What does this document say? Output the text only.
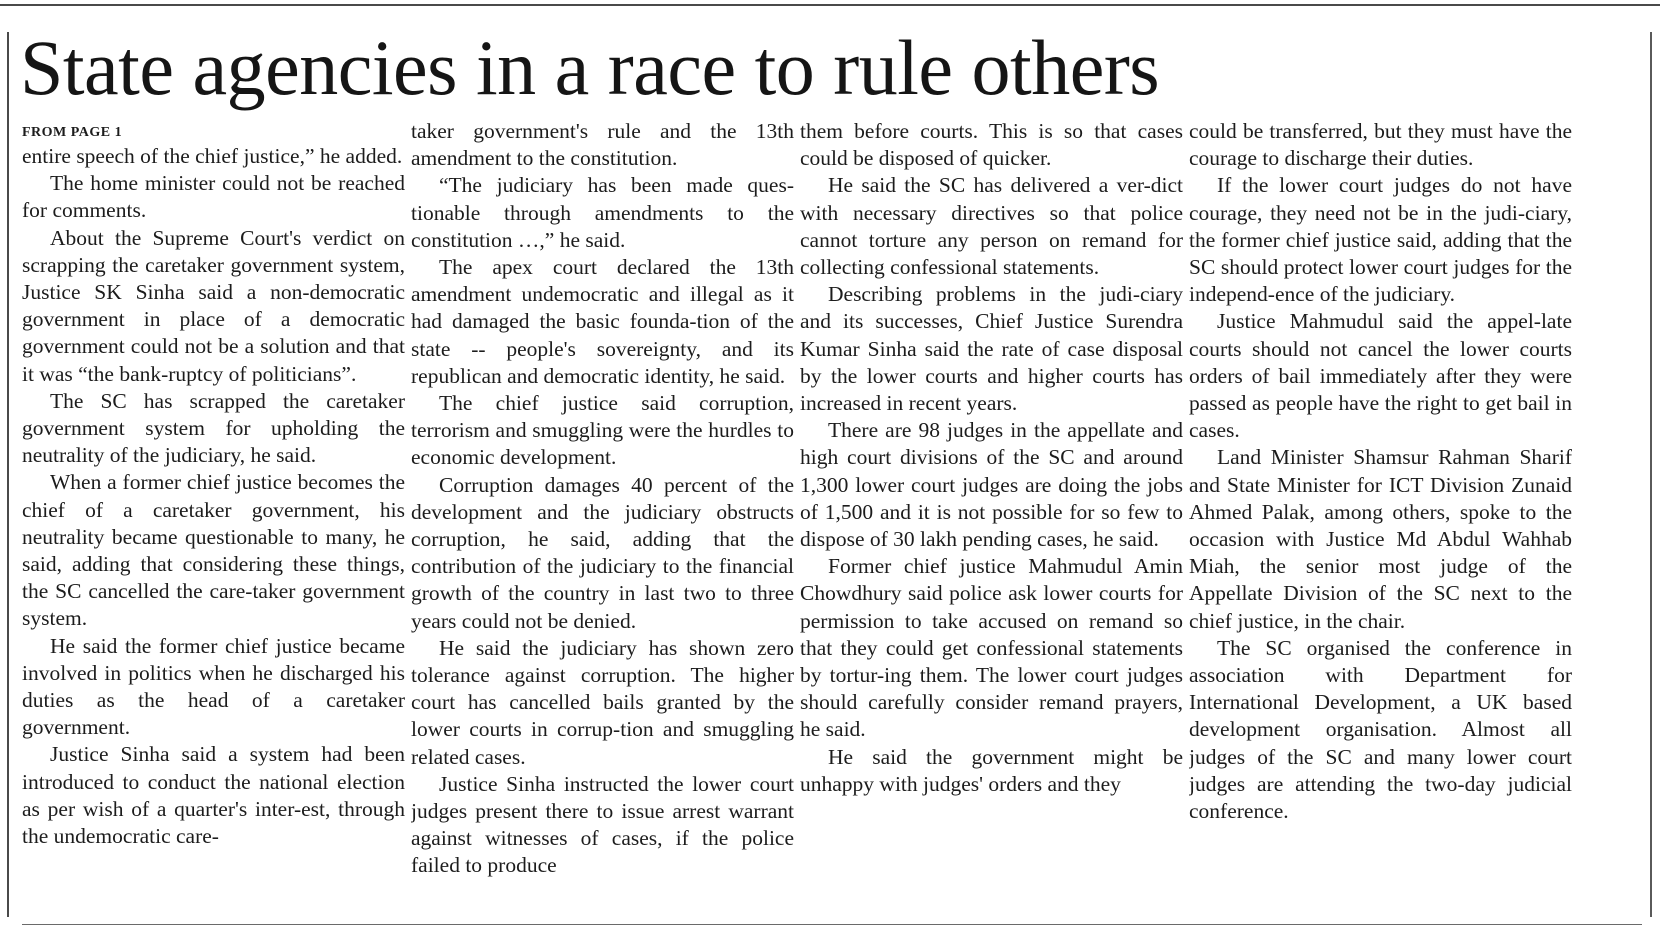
State agencies in a race to rule others
FROM PAGE 1

entire speech of the chief justice,” he added.

The home minister could not be reached for comments.

About the Supreme Court's verdict on scrapping the caretaker government system, Justice SK Sinha said a non-democratic government in place of a democratic government could not be a solution and that it was “the bank-ruptcy of politicians”.

The SC has scrapped the caretaker government system for upholding the neutrality of the judiciary, he said.

When a former chief justice becomes the chief of a caretaker government, his neutrality became questionable to many, he said, adding that considering these things, the SC cancelled the care-taker government system.

He said the former chief justice became involved in politics when he discharged his duties as the head of a caretaker government.

Justice Sinha said a system had been introduced to conduct the national election as per wish of a quarter's inter-est, through the undemocratic care-

taker government's rule and the 13th amendment to the constitution.

“The judiciary has been made ques-tionable through amendments to the constitution …,” he said.

The apex court declared the 13th amendment undemocratic and illegal as it had damaged the basic founda-tion of the state -- people's sovereignty, and its republican and democratic identity, he said.

The chief justice said corruption, terrorism and smuggling were the hurdles to economic development.

Corruption damages 40 percent of the development and the judiciary obstructs corruption, he said, adding that the contribution of the judiciary to the financial growth of the country in last two to three years could not be denied.

He said the judiciary has shown zero tolerance against corruption. The higher court has cancelled bails granted by the lower courts in corrup-tion and smuggling related cases.

Justice Sinha instructed the lower court judges present there to issue arrest warrant against witnesses of cases, if the police failed to produce

them before courts. This is so that cases could be disposed of quicker.

He said the SC has delivered a ver-dict with necessary directives so that police cannot torture any person on remand for collecting confessional statements.

Describing problems in the judi-ciary and its successes, Chief Justice Surendra Kumar Sinha said the rate of case disposal by the lower courts and higher courts has increased in recent years.

There are 98 judges in the appellate and high court divisions of the SC and around 1,300 lower court judges are doing the jobs of 1,500 and it is not possible for so few to dispose of 30 lakh pending cases, he said.

Former chief justice Mahmudul Amin Chowdhury said police ask lower courts for permission to take accused on remand so that they could get confessional statements by tortur-ing them. The lower court judges should carefully consider remand prayers, he said.

He said the government might be unhappy with judges' orders and they

could be transferred, but they must have the courage to discharge their duties.

If the lower court judges do not have courage, they need not be in the judi-ciary, the former chief justice said, adding that the SC should protect lower court judges for the independ-ence of the judiciary.

Justice Mahmudul said the appel-late courts should not cancel the lower courts orders of bail immediately after they were passed as people have the right to get bail in cases.

Land Minister Shamsur Rahman Sharif and State Minister for ICT Division Zunaid Ahmed Palak, among others, spoke to the occasion with Justice Md Abdul Wahhab Miah, the senior most judge of the Appellate Division of the SC next to the chief justice, in the chair.

The SC organised the conference in association with Department for International Development, a UK based development organisation. Almost all judges of the SC and many lower court judges are attending the two-day judicial conference.
